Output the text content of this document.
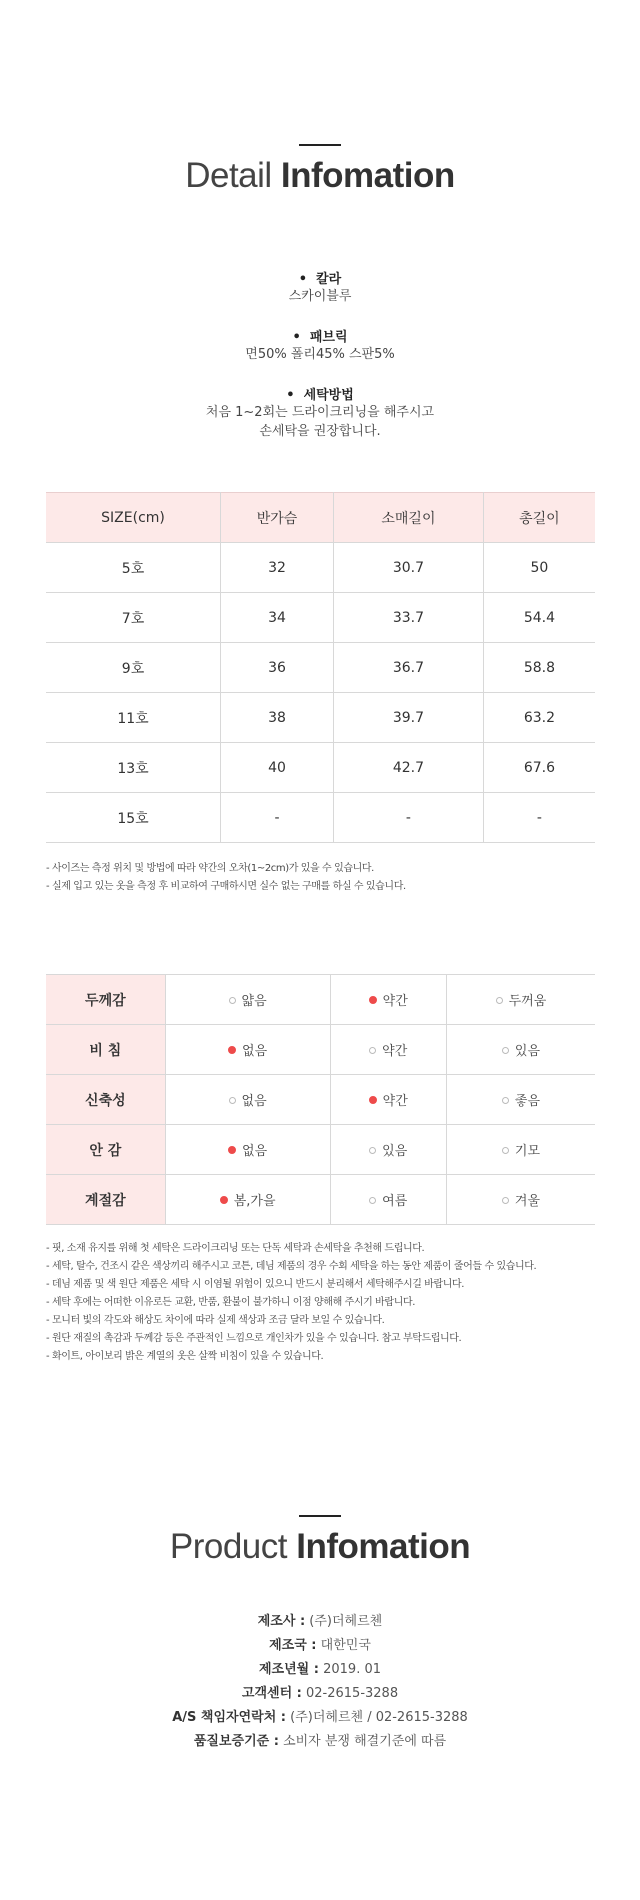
Detail Infomation
•  칼라
스카이블루
•  패브릭
면50% 폴리45% 스판5%
•  세탁방법
처음 1~2회는 드라이크리닝을 해주시고
손세탁을 권장합니다.
SIZE(cm)	반가슴	소매길이	총길이
5호	32	30.7	50
7호	34	33.7	54.4
9호	36	36.7	58.8
11호	38	39.7	63.2
13호	40	42.7	67.6
15호	-	-	-
- 사이즈는 측정 위치 및 방법에 따라 약간의 오차(1~2cm)가 있을 수 있습니다.
- 실제 입고 있는 옷을 측정 후 비교하여 구매하시면 실수 없는 구매를 하실 수 있습니다.
두께감	얇음	약간	두꺼움
비 침	없음	약간	있음
신축성	없음	약간	좋음
안 감	없음	있음	기모
계절감	봄,가을	여름	겨울
- 핏, 소재 유지를 위해 첫 세탁은 드라이크리닝 또는 단독 세탁과 손세탁을 추천해 드립니다.
- 세탁, 탈수, 건조시 같은 색상끼리 해주시고 코튼, 데님 제품의 경우 수회 세탁을 하는 동안 제품이 줄어들 수 있습니다.
- 데님 제품 및 색 원단 제품은 세탁 시 이염될 위험이 있으니 반드시 분리해서 세탁해주시길 바랍니다.
- 세탁 후에는 어떠한 이유로든 교환, 반품, 환불이 불가하니 이점 양해해 주시기 바랍니다.
- 모니터 빛의 각도와 해상도 차이에 따라 실제 색상과 조금 달라 보일 수 있습니다.
- 원단 재질의 촉감과 두께감 등은 주관적인 느낌으로 개인차가 있을 수 있습니다. 참고 부탁드립니다.
- 화이트, 아이보리 밝은 계열의 옷은 살짝 비침이 있을 수 있습니다.
Product Infomation
제조사 : (주)더헤르첸
제조국 : 대한민국
제조년월 : 2019. 01
고객센터 : 02-2615-3288
A/S 책임자연락처 : (주)더헤르첸 / 02-2615-3288
품질보증기준 : 소비자 분쟁 해결기준에 따름
